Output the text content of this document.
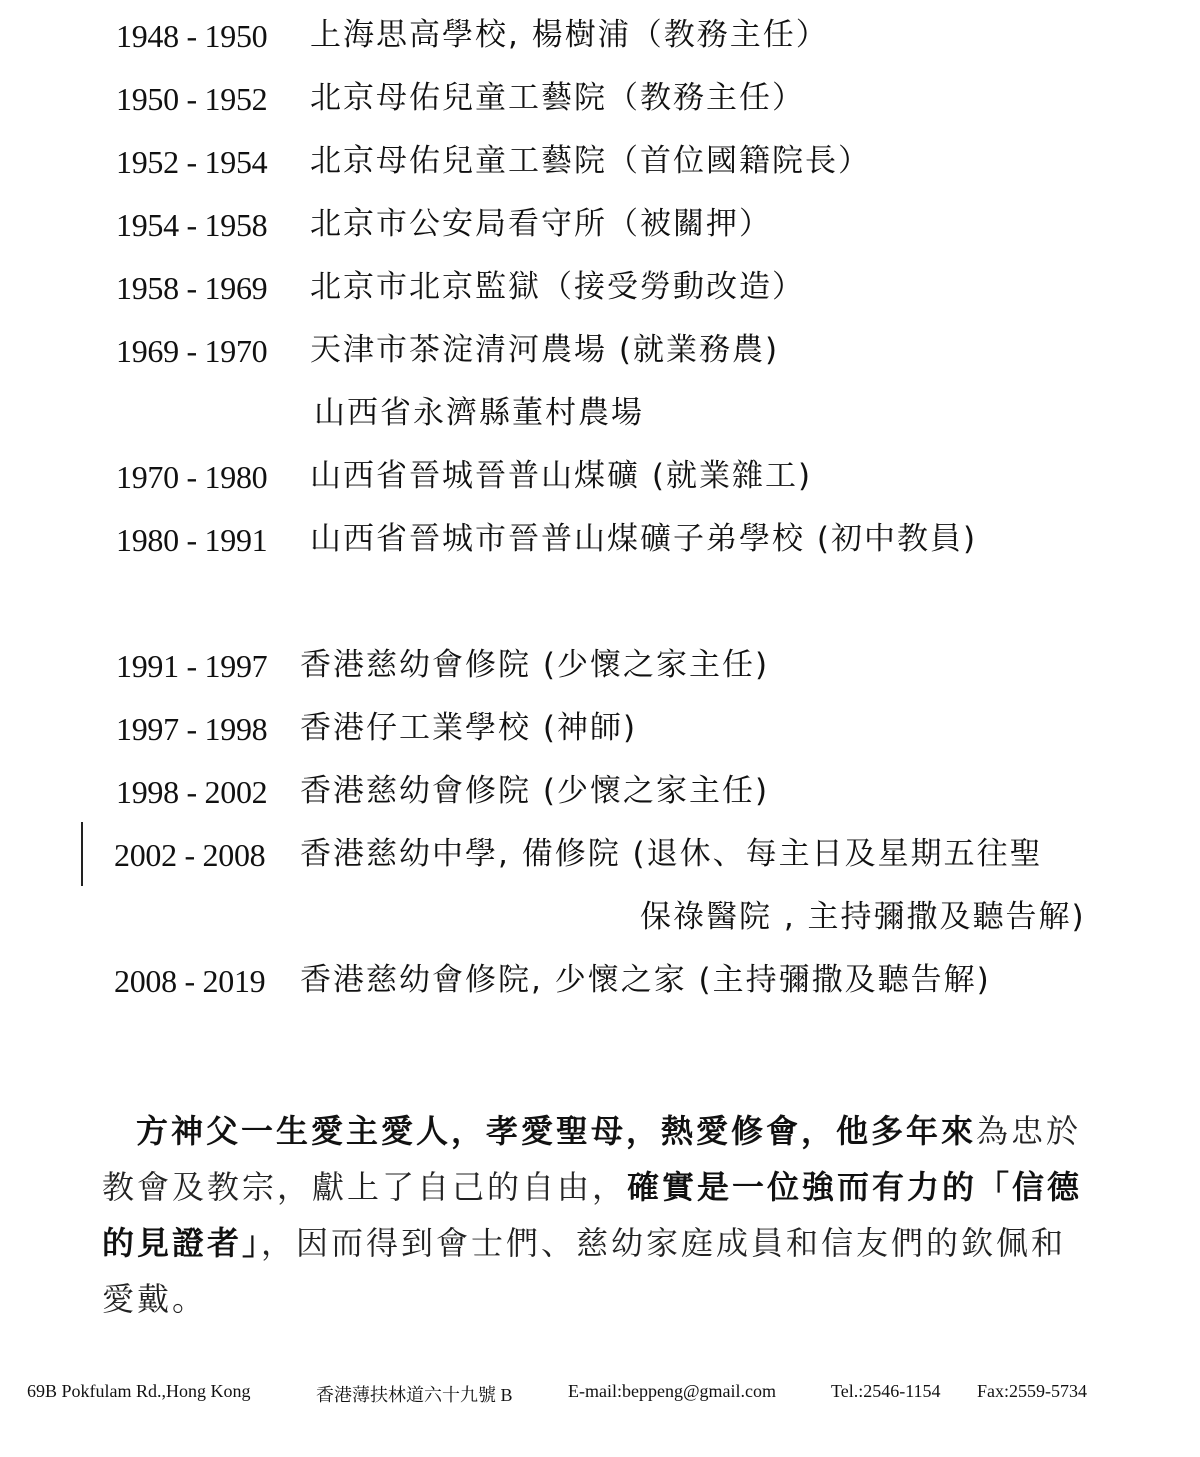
1948 - 1950 上海思高學校, 楊樹浦（教務主任）
1950 - 1952 北京母佑兒童工藝院（教務主任）
1952 - 1954 北京母佑兒童工藝院（首位國籍院長）
1954 - 1958 北京市公安局看守所（被關押）
1958 - 1969 北京市北京監獄（接受勞動改造）
1969 - 1970 天津市茶淀清河農場 (就業務農)
山西省永濟縣董村農場
1970 - 1980 山西省晉城晉普山煤礦 (就業雜工)
1980 - 1991 山西省晉城市晉普山煤礦子弟學校 (初中教員)
1991 - 1997 香港慈幼會修院 (少懷之家主任)
1997 - 1998 香港仔工業學校 (神師)
1998 - 2002 香港慈幼會修院 (少懷之家主任)
2002 - 2008 香港慈幼中學, 備修院 (退休、每主日及星期五往聖
保祿醫院 , 主持彌撒及聽告解)
2008 - 2019 香港慈幼會修院, 少懷之家 (主持彌撒及聽告解)
方神父一生愛主愛人，孝愛聖母，熱愛修會，他多年來為忠於
教會及教宗，獻上了自己的自由，確實是一位強而有力的「信德
的見證者」，因而得到會士們、慈幼家庭成員和信友們的欽佩和
愛戴。
69B Pokfulam Rd.,Hong Kong	香港薄扶林道六十九號 B	E-mail:beppeng@gmail.com	Tel.:2546-1154 Fax:2559-5734
